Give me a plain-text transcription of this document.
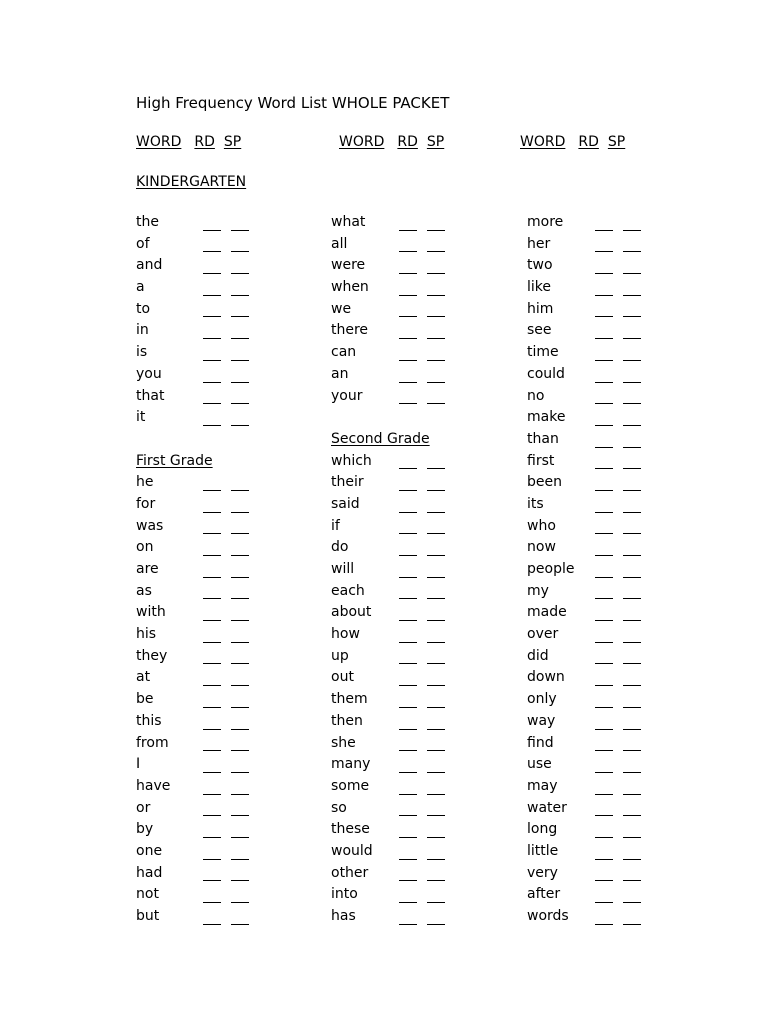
High Frequency Word List WHOLE PACKET
WORD RD SP	WORD RD SP	WORD RD SP
KINDERGARTEN
the
of
and
a
to
in
is
you
that
it
First Grade
he
for
was
on
are
as
with
his
they
at
be
this
from
I
have
or
by
one
had
not
but
what
all
were
when
we
there
can
an
your
Second Grade
which
their
said
if
do
will
each
about
how
up
out
them
then
she
many
some
so
these
would
other
into
has
more
her
two
like
him
see
time
could
no
make
than
first
been
its
who
now
people
my
made
over
did
down
only
way
find
use
may
water
long
little
very
after
words
